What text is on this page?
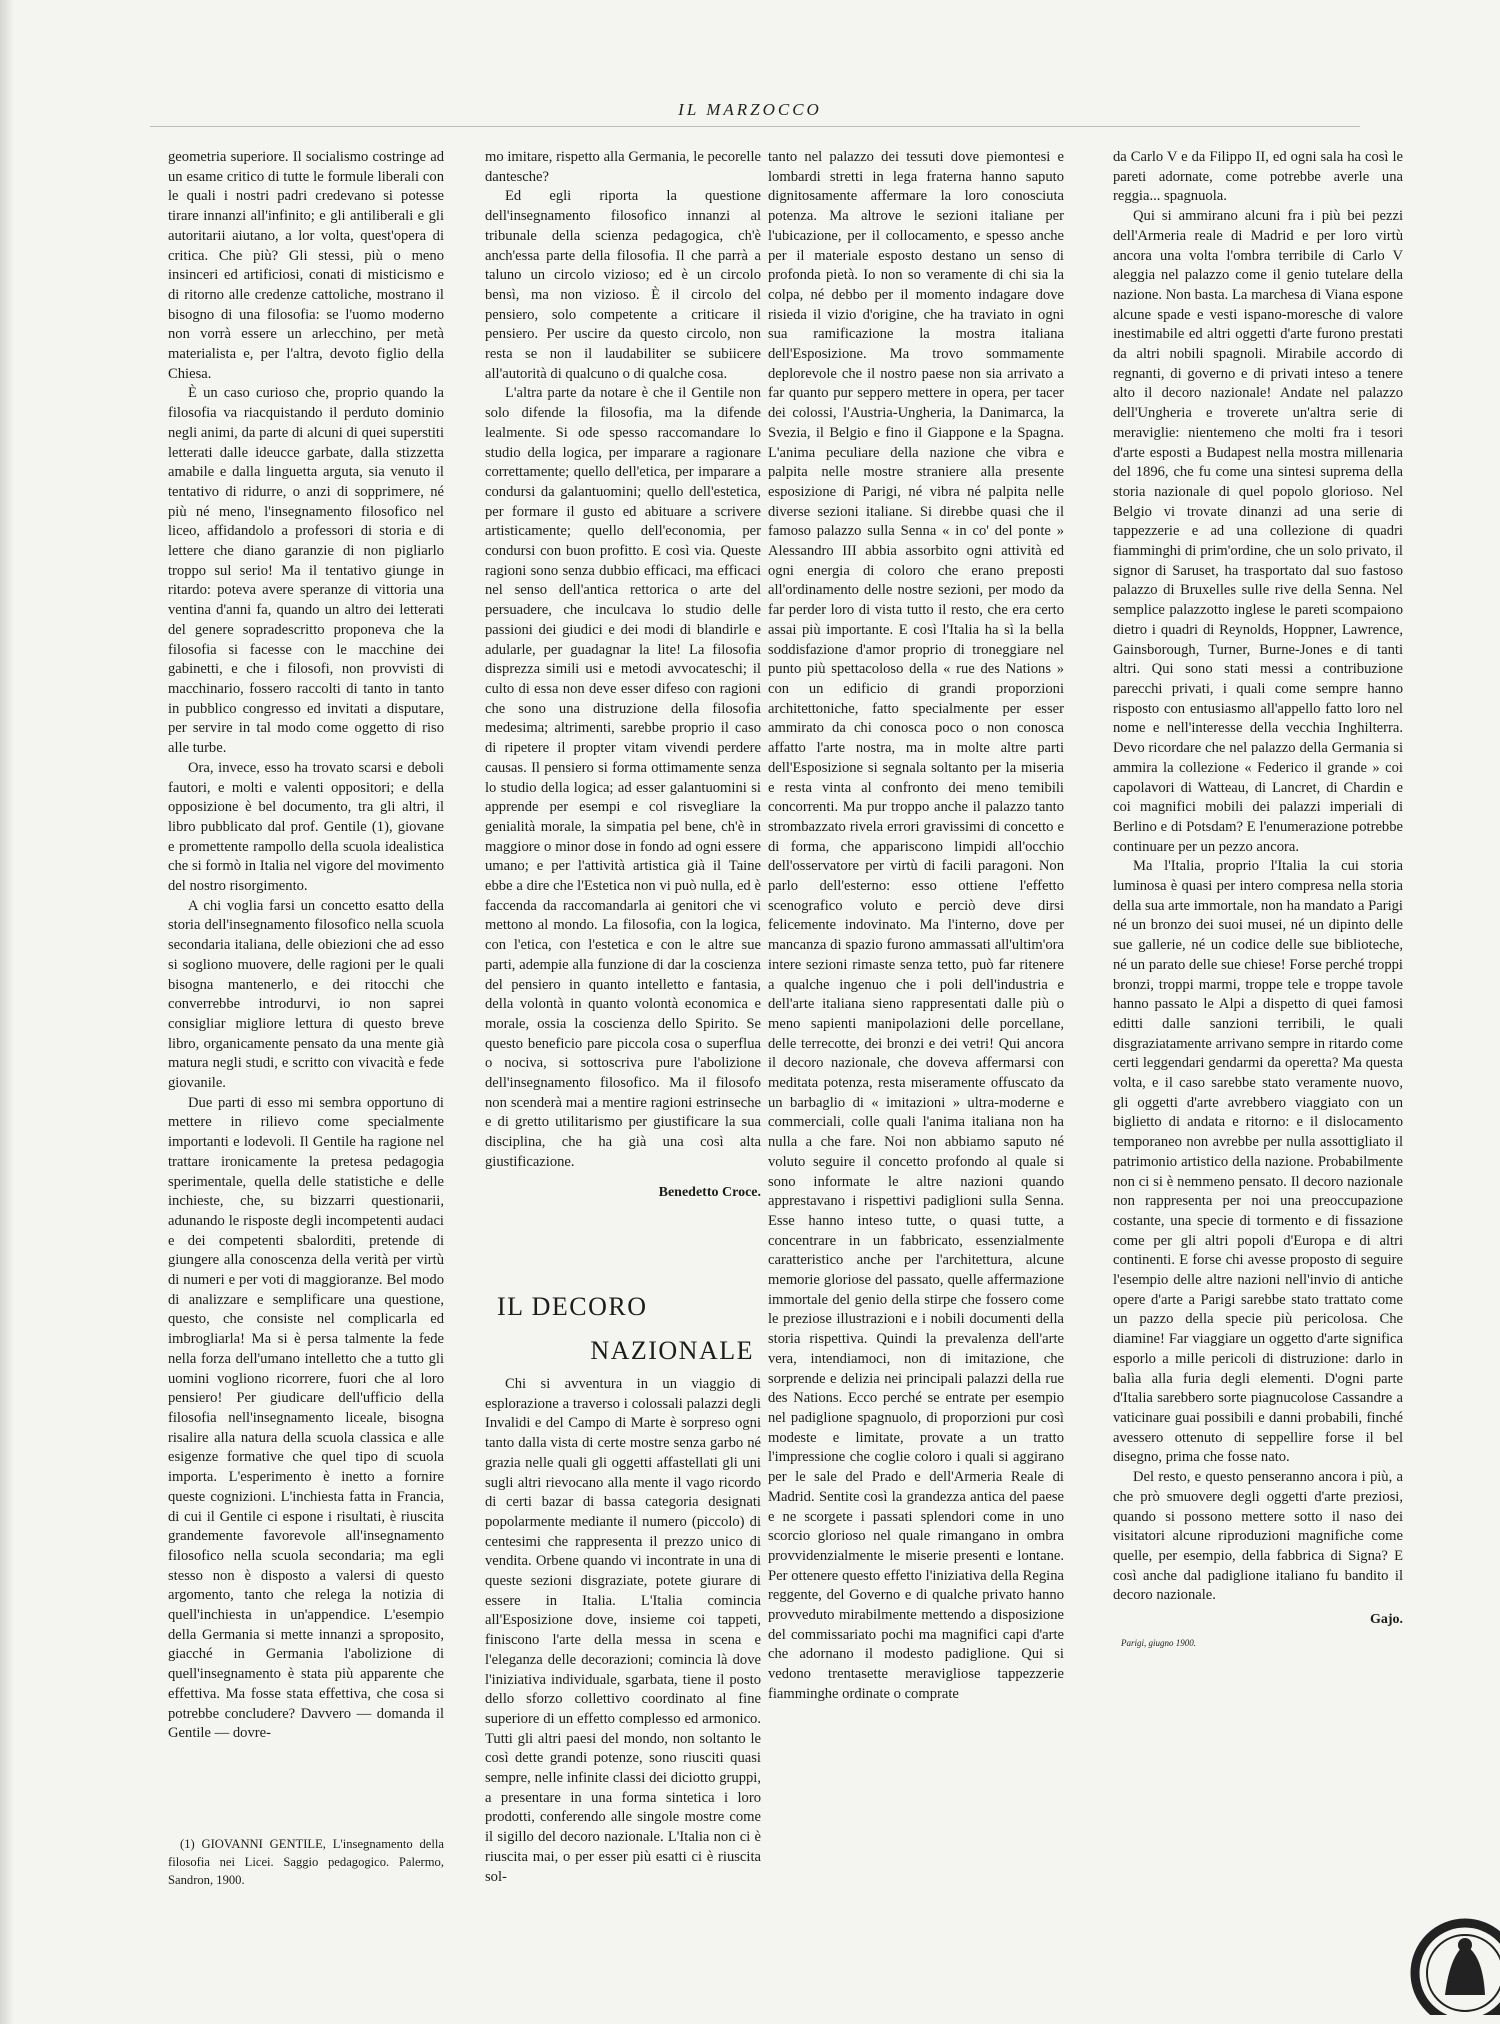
IL MARZOCCO

geometria superiore. Il socialismo costringe ad un esame critico di tutte le formule liberali con le quali i nostri padri credevano si potesse tirare innanzi all'infinito; e gli antiliberali e gli autoritarii aiutano, a lor volta, quest'opera di critica. Che più? Gli stessi, più o meno insinceri ed artificiosi, conati di misticismo e di ritorno alle credenze cattoliche, mostrano il bisogno di una filosofia: se l'uomo moderno non vorrà essere un arlecchino, per metà materialista e, per l'altra, devoto figlio della Chiesa.

È un caso curioso che, proprio quando la filosofia va riacquistando il perduto dominio negli animi, da parte di alcuni di quei superstiti letterati dalle ideucce garbate, dalla stizzetta amabile e dalla linguetta arguta, sia venuto il tentativo di ridurre, o anzi di sopprimere, né più né meno, l'insegnamento filosofico nel liceo, affidandolo a professori di storia e di lettere che diano garanzie di non pigliarlo troppo sul serio! Ma il tentativo giunge in ritardo: poteva avere speranze di vittoria una ventina d'anni fa, quando un altro dei letterati del genere sopradescritto proponeva che la filosofia si facesse con le macchine dei gabinetti, e che i filosofi, non provvisti di macchinario, fossero raccolti di tanto in tanto in pubblico congresso ed invitati a disputare, per servire in tal modo come oggetto di riso alle turbe.

Ora, invece, esso ha trovato scarsi e deboli fautori, e molti e valenti oppositori; e della opposizione è bel documento, tra gli altri, il libro pubblicato dal prof. Gentile (1), giovane e promettente rampollo della scuola idealistica che si formò in Italia nel vigore del movimento del nostro risorgimento.

A chi voglia farsi un concetto esatto della storia dell'insegnamento filosofico nella scuola secondaria italiana, delle obiezioni che ad esso si sogliono muovere, delle ragioni per le quali bisogna mantenerlo, e dei ritocchi che converrebbe introdurvi, io non saprei consigliar migliore lettura di questo breve libro, organicamente pensato da una mente già matura negli studi, e scritto con vivacità e fede giovanile.

Due parti di esso mi sembra opportuno di mettere in rilievo come specialmente importanti e lodevoli. Il Gentile ha ragione nel trattare ironicamente la pretesa pedagogia sperimentale, quella delle statistiche e delle inchieste, che, su bizzarri questionarii, adunando le risposte degli incompetenti audaci e dei competenti sbalorditi, pretende di giungere alla conoscenza della verità per virtù di numeri e per voti di maggioranze. Bel modo di analizzare e semplificare una questione, questo, che consiste nel complicarla ed imbrogliarla! Ma si è persa talmente la fede nella forza dell'umano intelletto che a tutto gli uomini vogliono ricorrere, fuori che al loro pensiero! Per giudicare dell'ufficio della filosofia nell'insegnamento liceale, bisogna risalire alla natura della scuola classica e alle esigenze formative che quel tipo di scuola importa. L'esperimento è inetto a fornire queste cognizioni. L'inchiesta fatta in Francia, di cui il Gentile ci espone i risultati, è riuscita grandemente favorevole all'insegnamento filosofico nella scuola secondaria; ma egli stesso non è disposto a valersi di questo argomento, tanto che relega la notizia di quell'inchiesta in un'appendice. L'esempio della Germania si mette innanzi a sproposito, giacché in Germania l'abolizione di quell'insegnamento è stata più apparente che effettiva. Ma fosse stata effettiva, che cosa si potrebbe concludere? Davvero — domanda il Gentile — dovre-

(1) GIOVANNI GENTILE, L'insegnamento della filosofia nei Licei. Saggio pedagogico. Palermo, Sandron, 1900.

mo imitare, rispetto alla Germania, le pecorelle dantesche?

Ed egli riporta la questione dell'insegnamento filosofico innanzi al tribunale della scienza pedagogica, ch'è anch'essa parte della filosofia. Il che parrà a taluno un circolo vizioso; ed è un circolo bensì, ma non vizioso. È il circolo del pensiero, solo competente a criticare il pensiero. Per uscire da questo circolo, non resta se non il laudabiliter se subiicere all'autorità di qualcuno o di qualche cosa.

L'altra parte da notare è che il Gentile non solo difende la filosofia, ma la difende lealmente. Si ode spesso raccomandare lo studio della logica, per imparare a ragionare correttamente; quello dell'etica, per imparare a condursi da galantuomini; quello dell'estetica, per formare il gusto ed abituare a scrivere artisticamente; quello dell'economia, per condursi con buon profitto. E così via. Queste ragioni sono senza dubbio efficaci, ma efficaci nel senso dell'antica rettorica o arte del persuadere, che inculcava lo studio delle passioni dei giudici e dei modi di blandirle e adularle, per guadagnar la lite! La filosofia disprezza simili usi e metodi avvocateschi; il culto di essa non deve esser difeso con ragioni che sono una distruzione della filosofia medesima; altrimenti, sarebbe proprio il caso di ripetere il propter vitam vivendi perdere causas. Il pensiero si forma ottimamente senza lo studio della logica; ad esser galantuomini si apprende per esempi e col risvegliare la genialità morale, la simpatia pel bene, ch'è in maggiore o minor dose in fondo ad ogni essere umano; e per l'attività artistica già il Taine ebbe a dire che l'Estetica non vi può nulla, ed è faccenda da raccomandarla ai genitori che vi mettono al mondo. La filosofia, con la logica, con l'etica, con l'estetica e con le altre sue parti, adempie alla funzione di dar la coscienza del pensiero in quanto intelletto e fantasia, della volontà in quanto volontà economica e morale, ossia la coscienza dello Spirito. Se questo beneficio pare piccola cosa o superflua o nociva, si sottoscriva pure l'abolizione dell'insegnamento filosofico. Ma il filosofo non scenderà mai a mentire ragioni estrinseche e di gretto utilitarismo per giustificare la sua disciplina, che ha già una così alta giustificazione.

Benedetto Croce.
IL DECORO
NAZIONALE

Chi si avventura in un viaggio di esplorazione a traverso i colossali palazzi degli Invalidi e del Campo di Marte è sorpreso ogni tanto dalla vista di certe mostre senza garbo né grazia nelle quali gli oggetti affastellati gli uni sugli altri rievocano alla mente il vago ricordo di certi bazar di bassa categoria designati popolarmente mediante il numero (piccolo) di centesimi che rappresenta il prezzo unico di vendita. Orbene quando vi incontrate in una di queste sezioni disgraziate, potete giurare di essere in Italia. L'Italia comincia all'Esposizione dove, insieme coi tappeti, finiscono l'arte della messa in scena e l'eleganza delle decorazioni; comincia là dove l'iniziativa individuale, sgarbata, tiene il posto dello sforzo collettivo coordinato al fine superiore di un effetto complesso ed armonico. Tutti gli altri paesi del mondo, non soltanto le così dette grandi potenze, sono riusciti quasi sempre, nelle infinite classi dei diciotto gruppi, a presentare in una forma sintetica i loro prodotti, conferendo alle singole mostre come il sigillo del decoro nazionale. L'Italia non ci è riuscita mai, o per esser più esatti ci è riuscita sol-

tanto nel palazzo dei tessuti dove piemontesi e lombardi stretti in lega fraterna hanno saputo dignitosamente affermare la loro conosciuta potenza. Ma altrove le sezioni italiane per l'ubicazione, per il collocamento, e spesso anche per il materiale esposto destano un senso di profonda pietà. Io non so veramente di chi sia la colpa, né debbo per il momento indagare dove risieda il vizio d'origine, che ha traviato in ogni sua ramificazione la mostra italiana dell'Esposizione. Ma trovo sommamente deplorevole che il nostro paese non sia arrivato a far quanto pur seppero mettere in opera, per tacer dei colossi, l'Austria-Ungheria, la Danimarca, la Svezia, il Belgio e fino il Giappone e la Spagna. L'anima peculiare della nazione che vibra e palpita nelle mostre straniere alla presente esposizione di Parigi, né vibra né palpita nelle diverse sezioni italiane. Si direbbe quasi che il famoso palazzo sulla Senna « in co' del ponte » Alessandro III abbia assorbito ogni attività ed ogni energia di coloro che erano preposti all'ordinamento delle nostre sezioni, per modo da far perder loro di vista tutto il resto, che era certo assai più importante. E così l'Italia ha sì la bella soddisfazione d'amor proprio di troneggiare nel punto più spettacoloso della « rue des Nations » con un edificio di grandi proporzioni architettoniche, fatto specialmente per esser ammirato da chi conosca poco o non conosca affatto l'arte nostra, ma in molte altre parti dell'Esposizione si segnala soltanto per la miseria e resta vinta al confronto dei meno temibili concorrenti. Ma pur troppo anche il palazzo tanto strombazzato rivela errori gravissimi di concetto e di forma, che appariscono limpidi all'occhio dell'osservatore per virtù di facili paragoni. Non parlo dell'esterno: esso ottiene l'effetto scenografico voluto e perciò deve dirsi felicemente indovinato. Ma l'interno, dove per mancanza di spazio furono ammassati all'ultim'ora intere sezioni rimaste senza tetto, può far ritenere a qualche ingenuo che i poli dell'industria e dell'arte italiana sieno rappresentati dalle più o meno sapienti manipolazioni delle porcellane, delle terrecotte, dei bronzi e dei vetri! Qui ancora il decoro nazionale, che doveva affermarsi con meditata potenza, resta miseramente offuscato da un barbaglio di « imitazioni » ultra-moderne e commerciali, colle quali l'anima italiana non ha nulla a che fare. Noi non abbiamo saputo né voluto seguire il concetto profondo al quale si sono informate le altre nazioni quando apprestavano i rispettivi padiglioni sulla Senna. Esse hanno inteso tutte, o quasi tutte, a concentrare in un fabbricato, essenzialmente caratteristico anche per l'architettura, alcune memorie gloriose del passato, quelle affermazione immortale del genio della stirpe che fossero come le preziose illustrazioni e i nobili documenti della storia rispettiva. Quindi la prevalenza dell'arte vera, intendiamoci, non di imitazione, che sorprende e delizia nei principali palazzi della rue des Nations. Ecco perché se entrate per esempio nel padiglione spagnuolo, di proporzioni pur così modeste e limitate, provate a un tratto l'impressione che coglie coloro i quali si aggirano per le sale del Prado e dell'Armeria Reale di Madrid. Sentite così la grandezza antica del paese e ne scorgete i passati splendori come in uno scorcio glorioso nel quale rimangano in ombra provvidenzialmente le miserie presenti e lontane. Per ottenere questo effetto l'iniziativa della Regina reggente, del Governo e di qualche privato hanno provveduto mirabilmente mettendo a disposizione del commissariato pochi ma magnifici capi d'arte che adornano il modesto padiglione. Qui si vedono trentasette meravigliose tappezzerie fiamminghe ordinate o comprate

da Carlo V e da Filippo II, ed ogni sala ha così le pareti adornate, come potrebbe averle una reggia... spagnuola.

Qui si ammirano alcuni fra i più bei pezzi dell'Armeria reale di Madrid e per loro virtù ancora una volta l'ombra terribile di Carlo V aleggia nel palazzo come il genio tutelare della nazione. Non basta. La marchesa di Viana espone alcune spade e vesti ispano-moresche di valore inestimabile ed altri oggetti d'arte furono prestati da altri nobili spagnoli. Mirabile accordo di regnanti, di governo e di privati inteso a tenere alto il decoro nazionale! Andate nel palazzo dell'Ungheria e troverete un'altra serie di meraviglie: nientemeno che molti fra i tesori d'arte esposti a Budapest nella mostra millenaria del 1896, che fu come una sintesi suprema della storia nazionale di quel popolo glorioso. Nel Belgio vi trovate dinanzi ad una serie di tappezzerie e ad una collezione di quadri fiamminghi di prim'ordine, che un solo privato, il signor di Saruset, ha trasportato dal suo fastoso palazzo di Bruxelles sulle rive della Senna. Nel semplice palazzotto inglese le pareti scompaiono dietro i quadri di Reynolds, Hoppner, Lawrence, Gainsborough, Turner, Burne-Jones e di tanti altri. Qui sono stati messi a contribuzione parecchi privati, i quali come sempre hanno risposto con entusiasmo all'appello fatto loro nel nome e nell'interesse della vecchia Inghilterra. Devo ricordare che nel palazzo della Germania si ammira la collezione « Federico il grande » coi capolavori di Watteau, di Lancret, di Chardin e coi magnifici mobili dei palazzi imperiali di Berlino e di Potsdam? E l'enumerazione potrebbe continuare per un pezzo ancora.

Ma l'Italia, proprio l'Italia la cui storia luminosa è quasi per intero compresa nella storia della sua arte immortale, non ha mandato a Parigi né un bronzo dei suoi musei, né un dipinto delle sue gallerie, né un codice delle sue biblioteche, né un parato delle sue chiese! Forse perché troppi bronzi, troppi marmi, troppe tele e troppe tavole hanno passato le Alpi a dispetto di quei famosi editti dalle sanzioni terribili, le quali disgraziatamente arrivano sempre in ritardo come certi leggendari gendarmi da operetta? Ma questa volta, e il caso sarebbe stato veramente nuovo, gli oggetti d'arte avrebbero viaggiato con un biglietto di andata e ritorno: e il dislocamento temporaneo non avrebbe per nulla assottigliato il patrimonio artistico della nazione. Probabilmente non ci si è nemmeno pensato. Il decoro nazionale non rappresenta per noi una preoccupazione costante, una specie di tormento e di fissazione come per gli altri popoli d'Europa e di altri continenti. E forse chi avesse proposto di seguire l'esempio delle altre nazioni nell'invio di antiche opere d'arte a Parigi sarebbe stato trattato come un pazzo della specie più pericolosa. Che diamine! Far viaggiare un oggetto d'arte significa esporlo a mille pericoli di distruzione: darlo in balìa alla furia degli elementi. D'ogni parte d'Italia sarebbero sorte piagnucolose Cassandre a vaticinare guai possibili e danni probabili, finché avessero ottenuto di seppellire forse il bel disegno, prima che fosse nato.

Del resto, e questo penseranno ancora i più, a che prò smuovere degli oggetti d'arte preziosi, quando si possono mettere sotto il naso dei visitatori alcune riproduzioni magnifiche come quelle, per esempio, della fabbrica di Signa? E così anche dal padiglione italiano fu bandito il decoro nazionale.

Gajo.
Parigi, giugno 1900.
